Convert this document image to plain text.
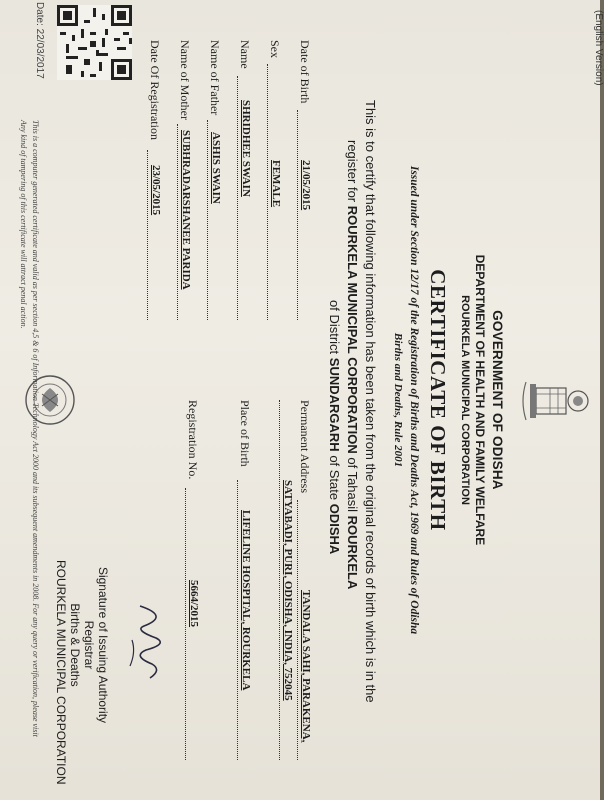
(English Version)
GOVERNMENT OF ODISHA
DEPARTMENT OF HEALTH AND FAMILY WELFARE
ROURKELA MUNICIPAL CORPORATION
CERTIFICATE OF BIRTH
Issued under Section 12/17 of the Registration of Births and Deaths Act, 1969 and Rules of Odisha
Births and Deaths, Rule 2001
This is to certify that following information has been taken from the original records of birth which is in the
register for ROURKELA MUNICIPAL CORPORATION of Tahasil ROURKELA
of District SUNDARGARH of State ODISHA
Date of Birth
21/05/2015
Sex
FEMALE
Name
SHRIDHEE SWAIN
Name of Father
ASHIS SWAIN
Name of Mother
SUBHRADARSHANEE PARIDA
Date Of Registration
23/05/2015
Permanent Address
TANDALA SAHI, PARAKENA,
SATYABADI, PURI, ODISHA, INDIA, 752045
Place of Birth
LIFELINE HOSPITAL, ROURKELA
Registration No.
5664/2015
Date: 22/03/2017
Signature of Issuing Authority
Registrar
Births & Deaths
ROURKELA MUNICIPAL CORPORATION
This is a computer generated certificate and valid as per section 4,5 & 6 of Information Technology Act 2000 and its subsequent amendments in 2008. For any query or verification, please visit
Any kind of tampering of this certificate will attract penal action.
